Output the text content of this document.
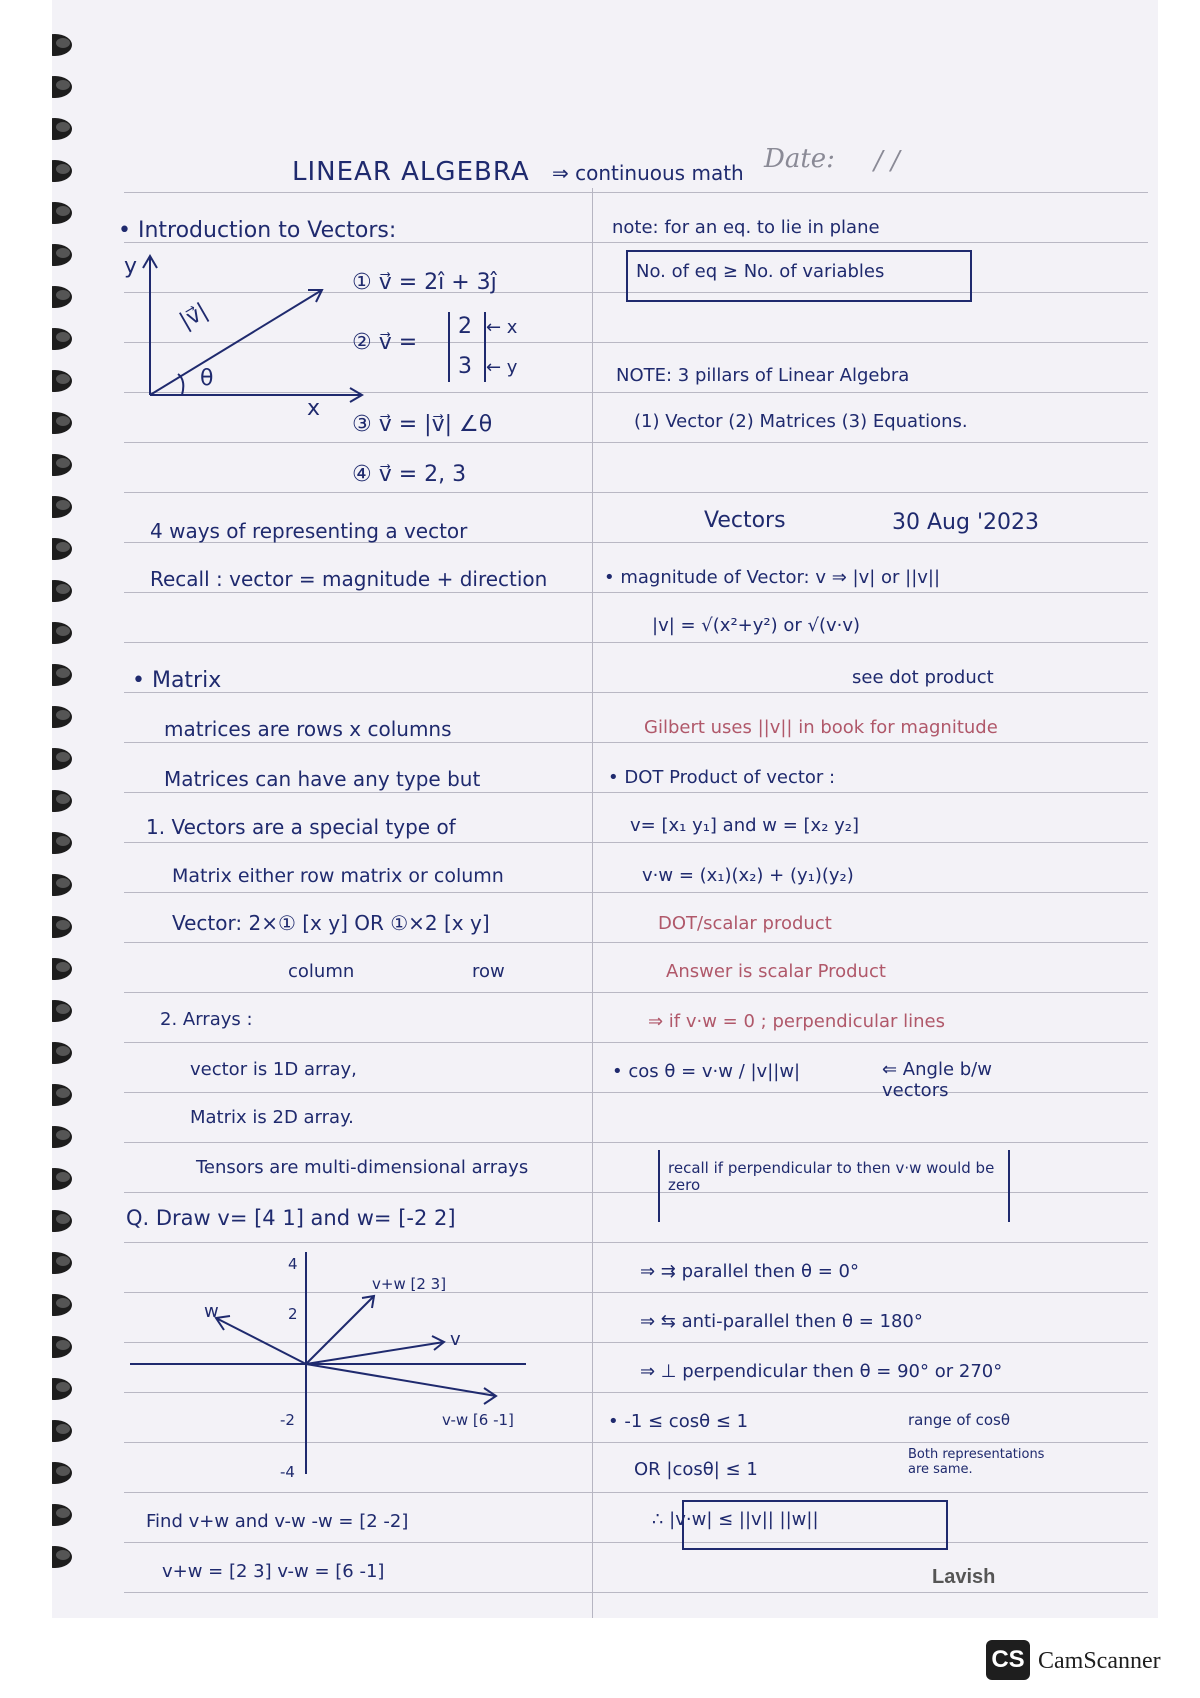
LINEAR ALGEBRA ⇒ continuous math Date: / /
• Introduction to Vectors:
y
x
|v⃗|
θ
① v⃗ = 2î + 3ĵ
② v⃗ =
2
3
← x
← y
③ v⃗ = |v⃗| ∠θ
④ v⃗ = 2, 3
4 ways of representing a vector
Recall : vector = magnitude + direction
• Matrix
matrices are rows x columns
Matrices can have any type but
1. Vectors are a special type of
Matrix either row matrix or column
Vector: 2×① [x y] OR ①×2 [x y]
column	row
2. Arrays :
vector is 1D array,
Matrix is 2D array.
Tensors are multi-dimensional arrays
Q. Draw v= [4 1] and w= [-2 2]
4
2
-2
-4
w
v
v+w [2 3]
v-w [6 -1]
Find v+w and v-w -w = [2 -2]
v+w = [2 3] v-w = [6 -1]
note: for an eq. to lie in plane
No. of eq ≥ No. of variables
NOTE: 3 pillars of Linear Algebra
(1) Vector (2) Matrices (3) Equations.
Vectors	30 Aug '2023
• magnitude of Vector: v ⇒ |v| or ||v||
|v| = √(x²+y²) or √(v·v)
see dot product
Gilbert uses ||v|| in book for magnitude
• DOT Product of vector :
v= [x₁ y₁] and w = [x₂ y₂]
v·w = (x₁)(x₂) + (y₁)(y₂)
DOT/scalar product
Answer is scalar Product
⇒ if v·w = 0 ; perpendicular lines
• cos θ = v·w / |v||w|	⇐ Angle b/w vectors
recall if perpendicular to then v·w would be zero
⇒ ⇉ parallel then θ = 0°
⇒ ⇆ anti-parallel then θ = 180°
⇒ ⊥ perpendicular then θ = 90° or 270°
• -1 ≤ cosθ ≤ 1
OR |cosθ| ≤ 1
range of cosθ
Both representations are same.
∴ |v·w| ≤ ||v|| ||w||
Lavish
CS CamScanner
